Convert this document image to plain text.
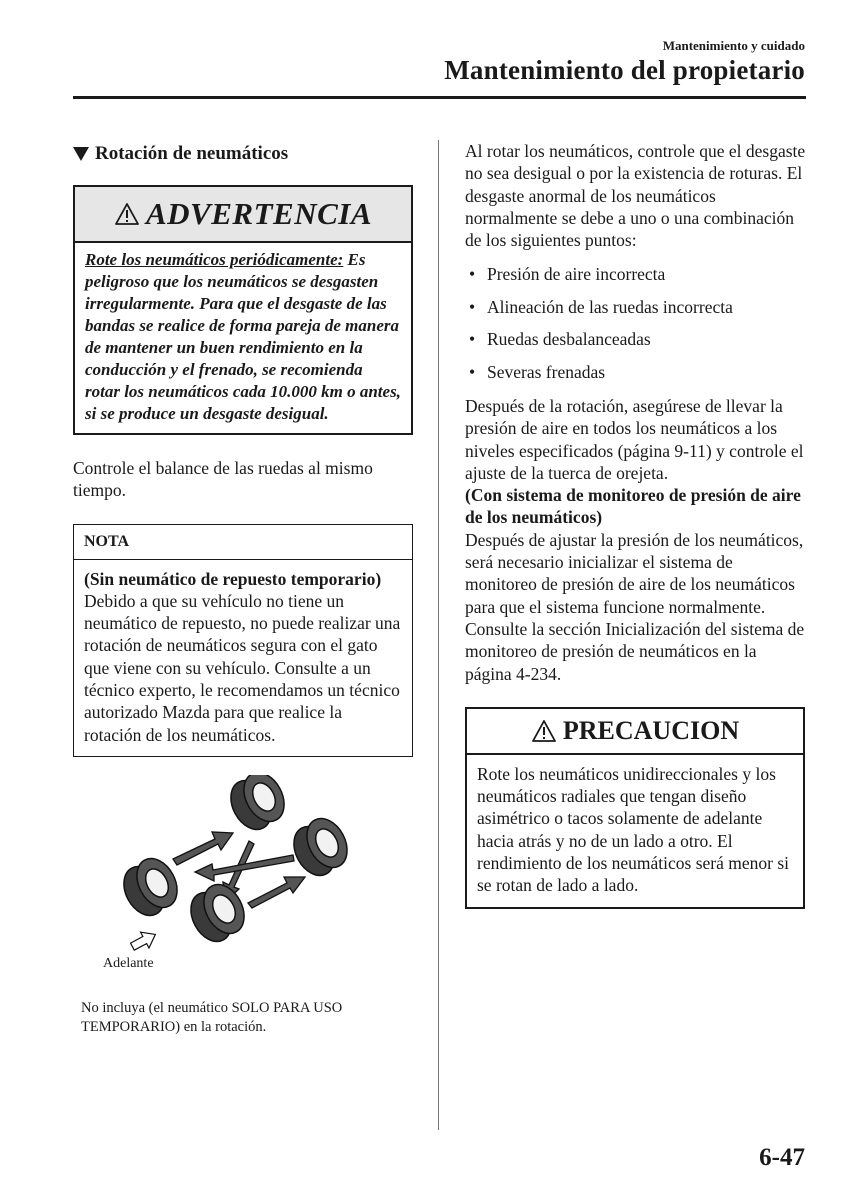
Mantenimiento y cuidado
Mantenimiento del propietario
Rotación de neumáticos
ADVERTENCIA
Rote los neumáticos periódicamente: Es peligroso que los neumáticos se desgasten irregularmente. Para que el desgaste de las bandas se realice de forma pareja de manera de mantener un buen rendimiento en la conducción y el frenado, se recomienda rotar los neumáticos cada 10.000 km o antes, si se produce un desgaste desigual.

Controle el balance de las ruedas al mismo tiempo.

NOTA
(Sin neumático de repuesto temporario)
Debido a que su vehículo no tiene un neumático de repuesto, no puede realizar una rotación de neumáticos segura con el gato que viene con su vehículo. Consulte a un técnico experto, le recomendamos un técnico autorizado Mazda para que realice la rotación de los neumáticos.
Adelante

No incluya (el neumático SOLO PARA USO TEMPORARIO) en la rotación.

Al rotar los neumáticos, controle que el desgaste no sea desigual o por la existencia de roturas. El desgaste anormal de los neumáticos normalmente se debe a uno o una combinación de los siguientes puntos:

• Presión de aire incorrecta
• Alineación de las ruedas incorrecta
• Ruedas desbalanceadas
• Severas frenadas

Después de la rotación, asegúrese de llevar la presión de aire en todos los neumáticos a los niveles especificados (página 9-11) y controle el ajuste de la tuerca de orejeta.

(Con sistema de monitoreo de presión de aire de los neumáticos)

Después de ajustar la presión de los neumáticos, será necesario inicializar el sistema de monitoreo de presión de aire de los neumáticos para que el sistema funcione normalmente.

Consulte la sección Inicialización del sistema de monitoreo de presión de neumáticos en la página 4-234.

PRECAUCION
Rote los neumáticos unidireccionales y los neumáticos radiales que tengan diseño asimétrico o tacos solamente de adelante hacia atrás y no de un lado a otro. El rendimiento de los neumáticos será menor si se rotan de lado a lado.
6-47
